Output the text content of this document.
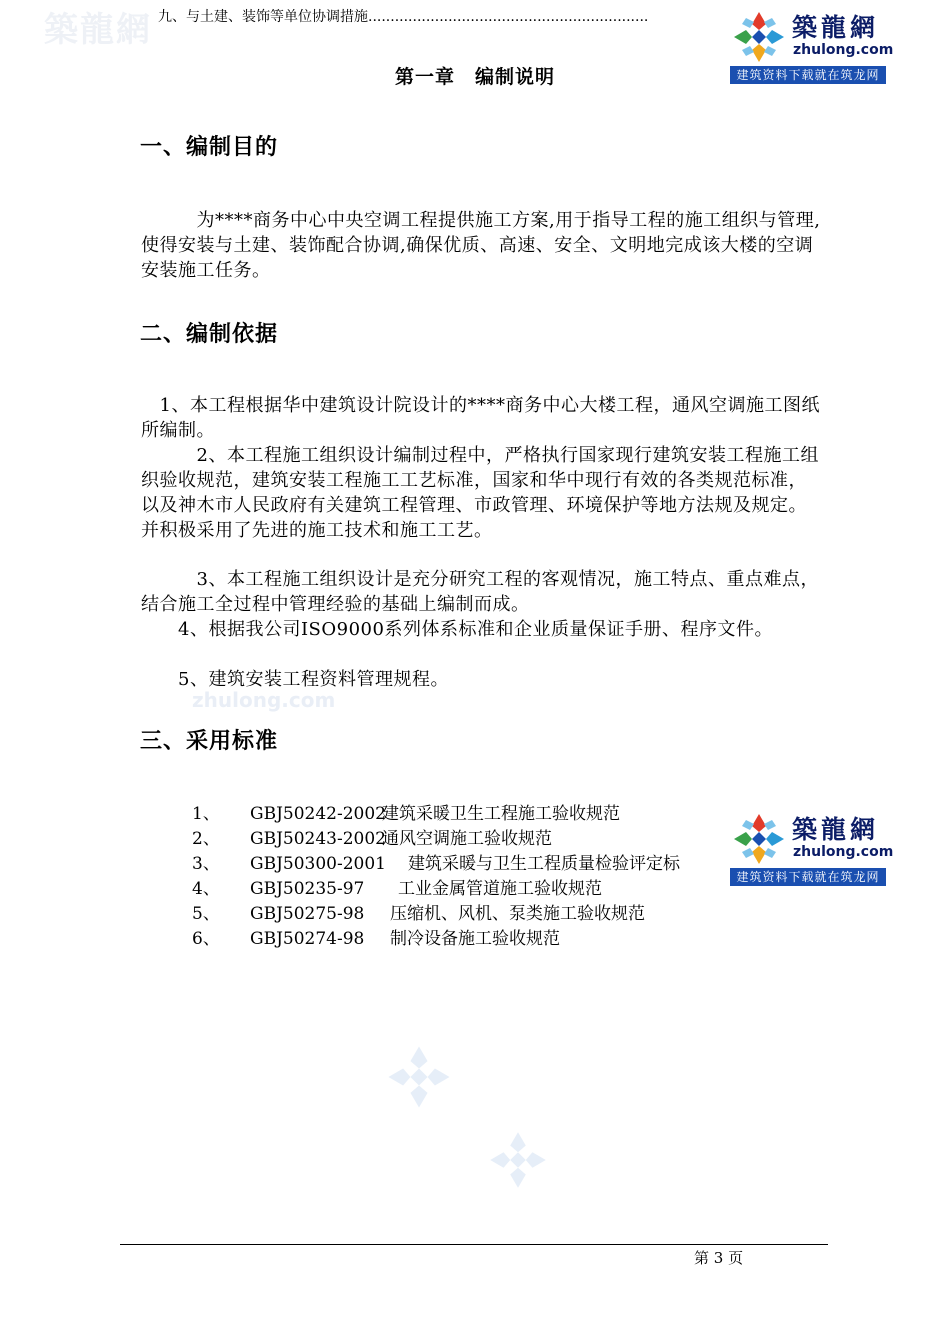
築龍網 九、与土建、装饰等单位协调措施...............................................................	築龍網
zhulong.com
建筑资料下载就在筑龙网
第一章　编制说明
一、编制目的
　　　为****商务中心中央空调工程提供施工方案,用于指导工程的施工组织与管理,使得安装与土建、装饰配合协调,确保优质、高速、安全、文明地完成该大楼的空调安装施工任务。
二、编制依据
　1、本工程根据华中建筑设计院设计的****商务中心大楼工程，通风空调施工图纸所编制。
　　　2、本工程施工组织设计编制过程中，严格执行国家现行建筑安装工程施工组织验收规范，建筑安装工程施工工艺标准，国家和华中现行有效的各类规范标准，以及神木市人民政府有关建筑工程管理、市政管理、环境保护等地方法规及规定。并积极采用了先进的施工技术和施工工艺。
　　　3、本工程施工组织设计是充分研究工程的客观情况，施工特点、重点难点，结合施工全过程中管理经验的基础上编制而成。
　　4、根据我公司ISO9000系列体系标准和企业质量保证手册、程序文件。
　　5、建筑安装工程资料管理规程。
zhulong.com
三、采用标准
1、 GBJ50242-2002
建筑采暖卫生工程施工验收规范
2、 GBJ50243-2002
通风空调施工验收规范
3、 GBJ50300-2001 建筑采暖与卫生工程质量检验评定标
4、 GBJ50235-97 工业金属管道施工验收规范
5、 GBJ50275-98 压缩机、风机、泵类施工验收规范
6、 GBJ50274-98 制冷设备施工验收规范
築龍網
zhulong.com
建筑资料下载就在筑龙网
第 3 页
